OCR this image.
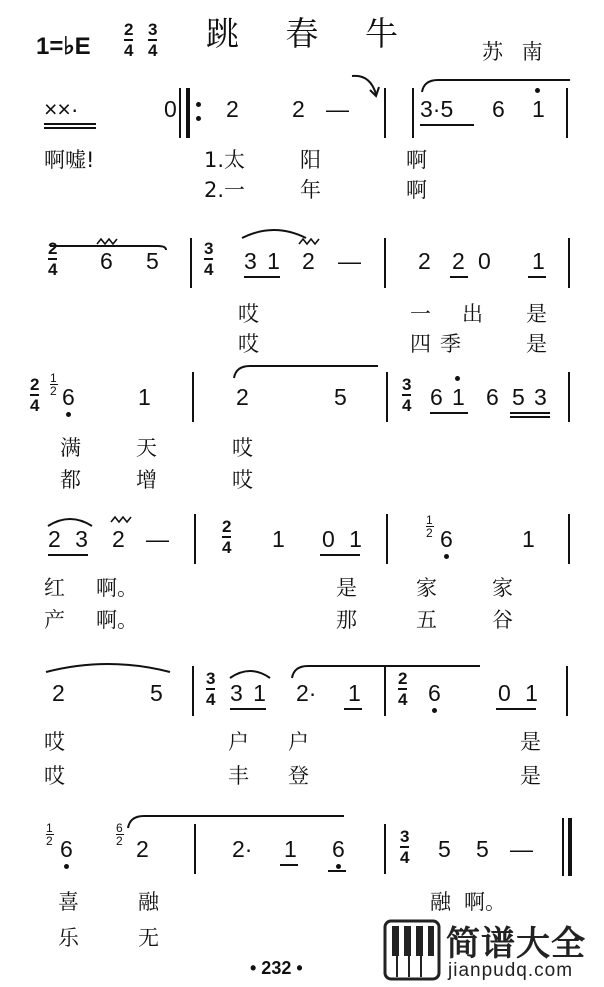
1=♭E
2
4
3
4 跳 春 牛	苏 南
××·	0 2 2 —	3·5 6 1
啊嘘!	1.太	阳	啊
2.一	年	啊
2
4 6 5	3
4 3 1 2 — 2 2 0 1
哎	一 出 是
哎	四 季	是
2
4
1

2 6	1	2	5	3
4 6 1 6 5 3
满	天	哎
都	增	哎
2 3 2 —	2
4 1 0 1
1

2 6	1
红 啊。	是	家	家
产 啊。	那	五	谷
2	5
3
4 3 1 2· 1
2
4 6 0 1
哎	户 户	是
哎	丰 登	是
1

2 6
6

2 2	2· 1 6	3
4 5 5 —
喜	融	融 啊。
乐	无
• 232 •
简谱大全
jianpudq.com
